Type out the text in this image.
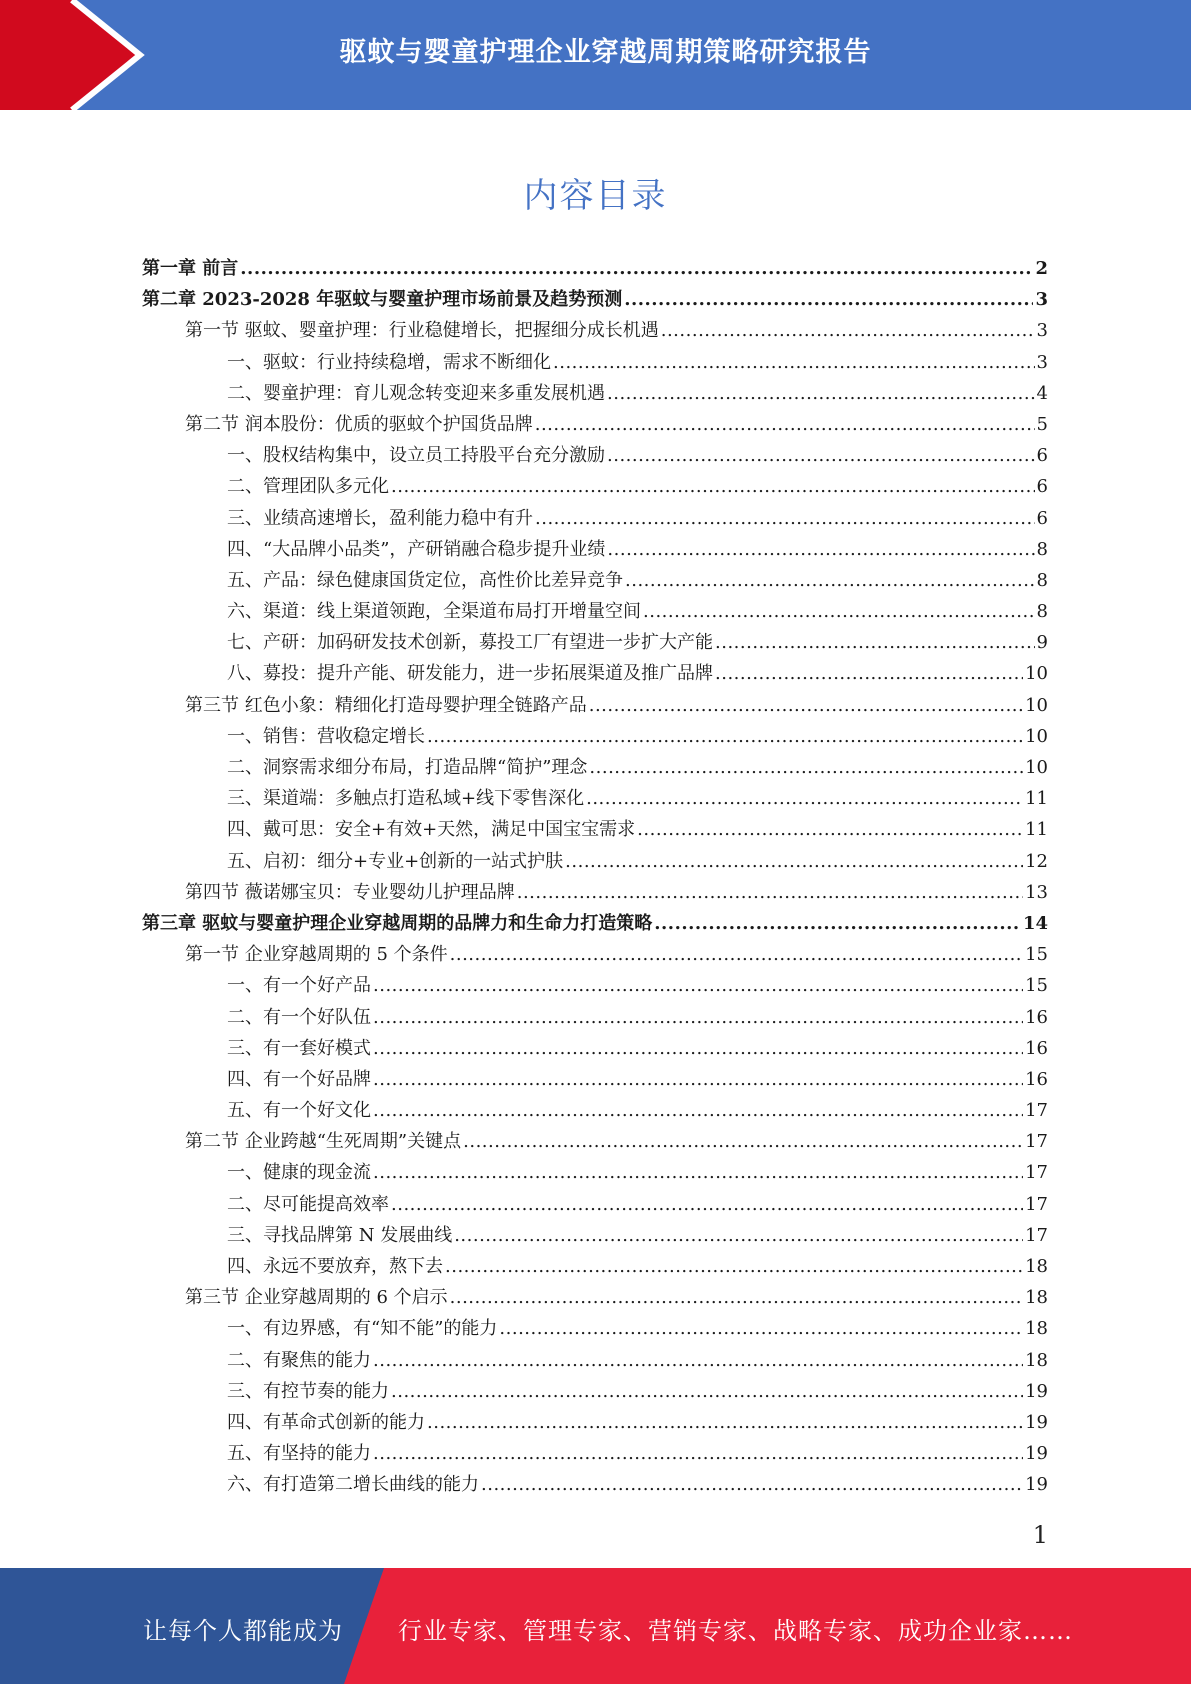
驱蚊与婴童护理企业穿越周期策略研究报告
内容目录
第一章 前言 .....	2
第二章 2023-2028 年驱蚊与婴童护理市场前景及趋势预测 .....	3
第一节 驱蚊、婴童护理：行业稳健增长，把握细分成长机遇 .....	3
一、驱蚊：行业持续稳增，需求不断细化 .....	3
二、婴童护理：育儿观念转变迎来多重发展机遇 .....	4
第二节 润本股份：优质的驱蚊个护国货品牌 .....	5
一、股权结构集中，设立员工持股平台充分激励 .....	6
二、管理团队多元化 .....	6
三、业绩高速增长，盈利能力稳中有升 .....	6
四、“大品牌小品类”，产研销融合稳步提升业绩 .....	8
五、产品：绿色健康国货定位，高性价比差异竞争 .....	8
六、渠道：线上渠道领跑，全渠道布局打开增量空间 .....	8
七、产研：加码研发技术创新，募投工厂有望进一步扩大产能 .....	9
八、募投：提升产能、研发能力，进一步拓展渠道及推广品牌 .....	10
第三节 红色小象：精细化打造母婴护理全链路产品 .....	10
一、销售：营收稳定增长 .....	10
二、洞察需求细分布局，打造品牌“简护”理念 .....	10
三、渠道端：多触点打造私域+线下零售深化 .....	11
四、戴可思：安全+有效+天然，满足中国宝宝需求 .....	11
五、启初：细分+专业+创新的一站式护肤 .....	12
第四节 薇诺娜宝贝：专业婴幼儿护理品牌 .....	13
第三章 驱蚊与婴童护理企业穿越周期的品牌力和生命力打造策略 .....	14
第一节 企业穿越周期的 5 个条件 .....	15
一、有一个好产品 .....	15
二、有一个好队伍 .....	16
三、有一套好模式 .....	16
四、有一个好品牌 .....	16
五、有一个好文化 .....	17
第二节 企业跨越“生死周期”关键点 .....	17
一、健康的现金流 .....	17
二、尽可能提高效率 .....	17
三、寻找品牌第 N 发展曲线 .....	17
四、永远不要放弃，熬下去 .....	18
第三节 企业穿越周期的 6 个启示 .....	18
一、有边界感，有“知不能”的能力 .....	18
二、有聚焦的能力 .....	18
三、有控节奏的能力 .....	19
四、有革命式创新的能力 .....	19
五、有坚持的能力 .....	19
六、有打造第二增长曲线的能力 .....	19
1
让每个人都能成为 行业专家、管理专家、营销专家、战略专家、成功企业家……
